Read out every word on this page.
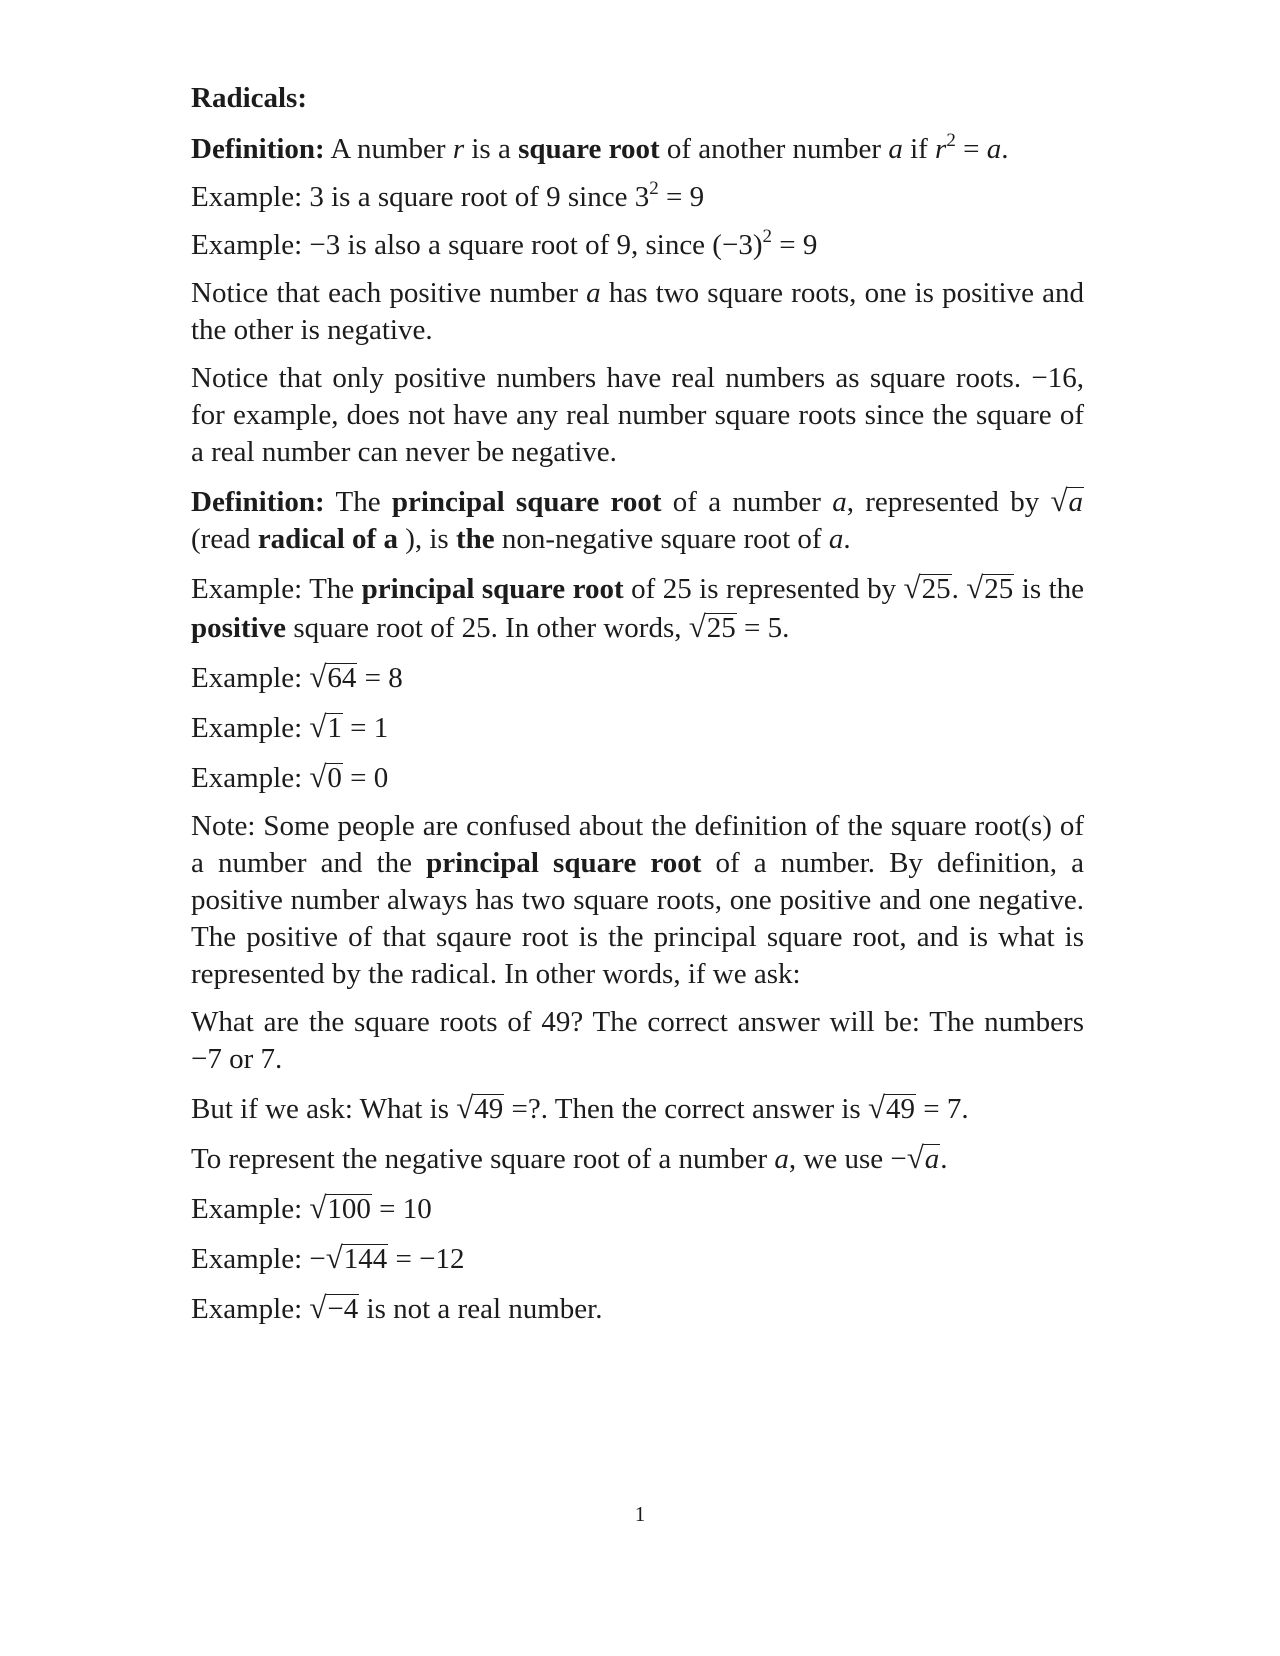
Radicals:
Definition: A number r is a square root of another number a if $r^2 = a$.
Example: 3 is a square root of 9 since $3^2 = 9$
Example: −3 is also a square root of 9, since $(-3)^2 = 9$
Notice that each positive number a has two square roots, one is positive and the other is negative.
Notice that only positive numbers have real numbers as square roots. −16, for example, does not have any real number square roots since the square of a real number can never be negative.
Definition: The principal square root of a number a, represented by √a (read radical of a ), is the non-negative square root of a.
Example: The principal square root of 25 is represented by √25. √25 is the positive square root of 25. In other words, √25 = 5.
Example: √64 = 8
Example: √1 = 1
Example: √0 = 0
Note: Some people are confused about the definition of the square root(s) of a number and the principal square root of a number. By definition, a positive number always has two square roots, one positive and one negative. The positive of that sqaure root is the principal square root, and is what is represented by the radical. In other words, if we ask:
What are the square roots of 49? The correct answer will be: The numbers −7 or 7.
But if we ask: What is √49 =?. Then the correct answer is √49 = 7.
To represent the negative square root of a number a, we use −√a.
Example: √100 = 10
Example: −√144 = −12
Example: √−4 is not a real number.
1
